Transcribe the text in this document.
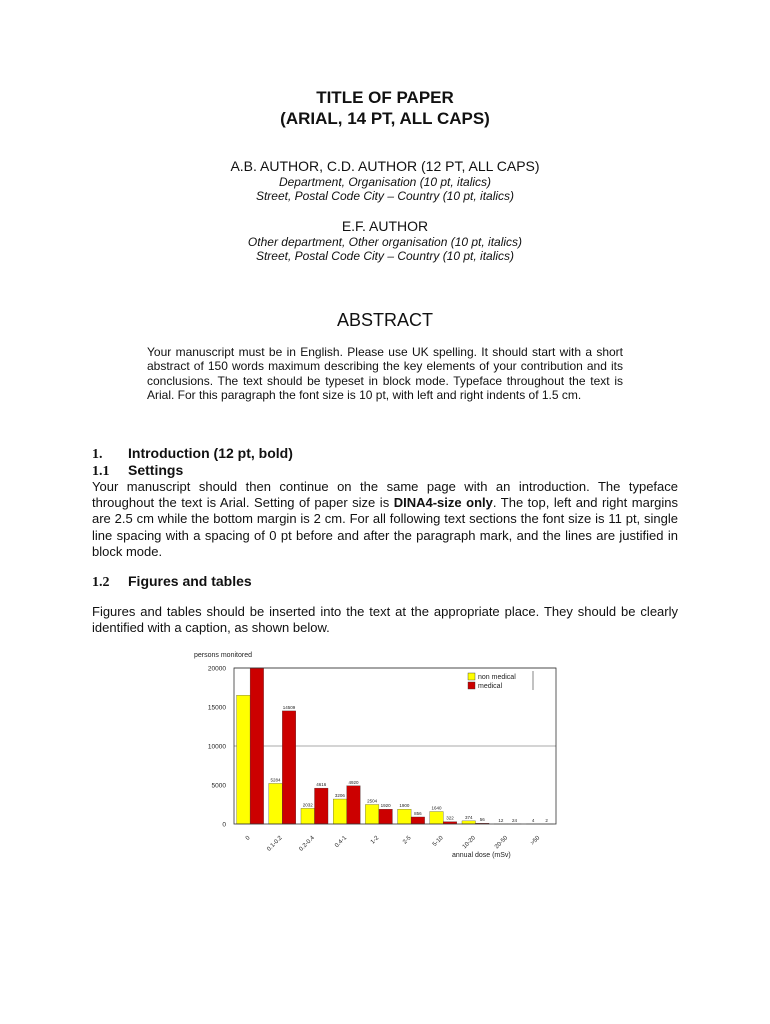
TITLE OF PAPER
(ARIAL, 14 PT, ALL CAPS)
A.B. AUTHOR, C.D. AUTHOR (12 PT, ALL CAPS)
Department, Organisation (10 pt, italics)
Street, Postal Code City – Country (10 pt, italics)
E.F. AUTHOR
Other department, Other organisation (10 pt, italics)
Street, Postal Code City – Country (10 pt, italics)
ABSTRACT
Your manuscript must be in English. Please use UK spelling. It should start with a short abstract of 150 words maximum describing the key elements of your contribution and its conclusions. The text should be typeset in block mode. Typeface throughout the text is Arial. For this paragraph the font size is 10 pt, with left and right indents of 1.5 cm.
1. Introduction (12 pt, bold)
1.1 Settings
Your manuscript should then continue on the same page with an introduction. The typeface throughout the text is Arial. Setting of paper size is DINA4-size only. The top, left and right margins are 2.5 cm while the bottom margin is 2 cm. For all following text sections the font size is 11 pt, single line spacing with a spacing of 0 pt before and after the paragraph mark, and the lines are justified in block mode.
1.2 Figures and tables
Figures and tables should be inserted into the text at the appropriate place. They should be clearly identified with a caption, as shown below.
persons monitored
annual dose (mSv)
20000
15000
10000
5000
0
5284
14509
2032
4616
3206
4920
2504
1920 1900
856
1640
322 374 56	12 24	4 2
0 0.1-0.2 0.2-0.4	0.4-1	1-2	2-5	5-10	10-20	20-50	>50
non medical
medical
